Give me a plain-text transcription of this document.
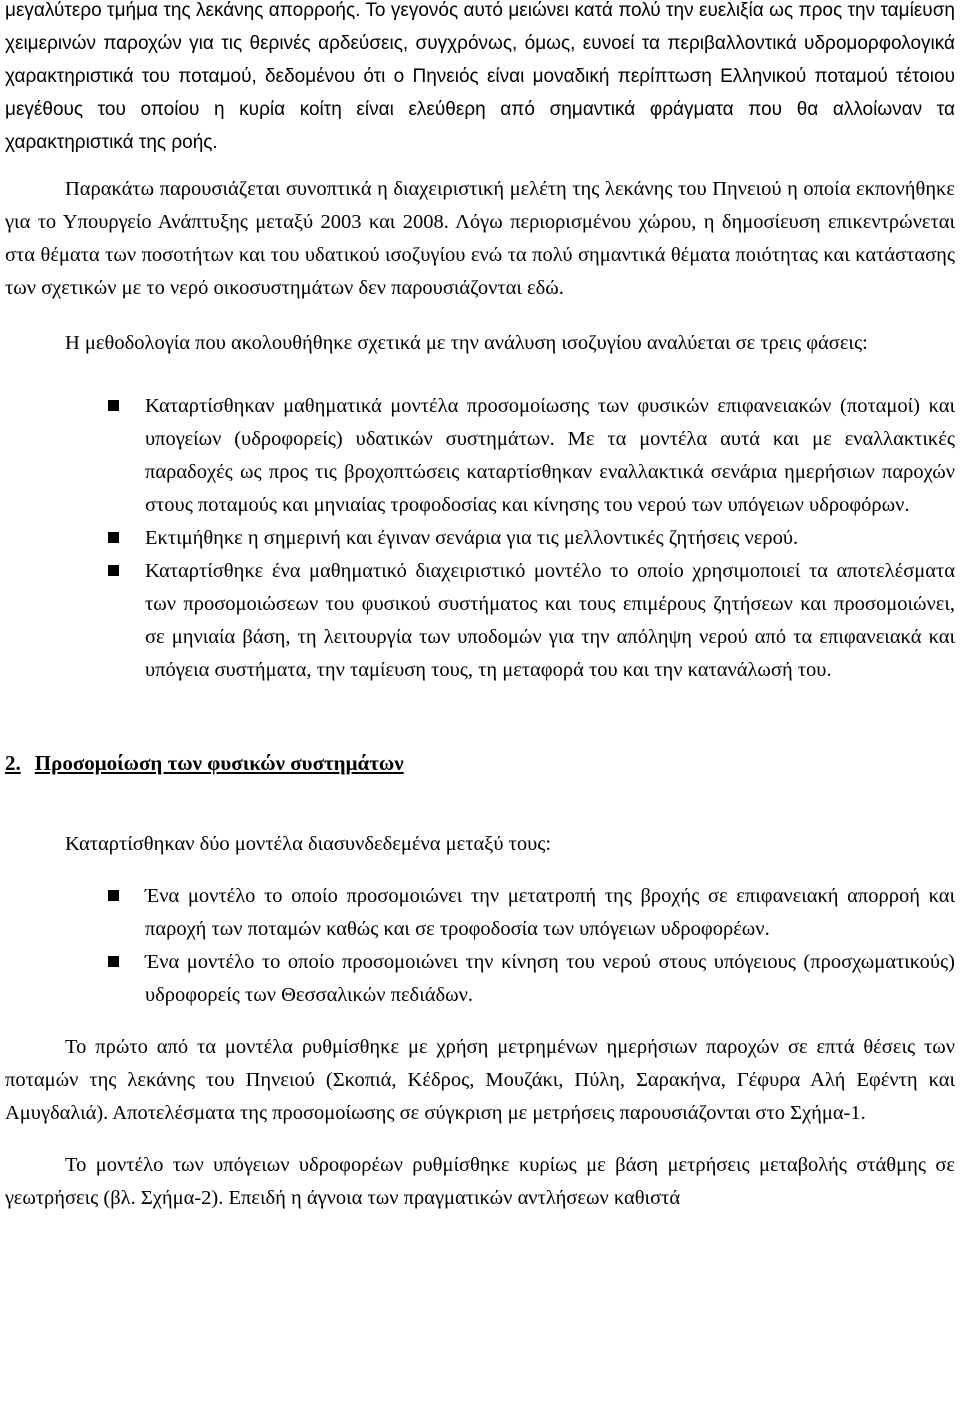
μεγαλύτερο τμήμα της λεκάνης απορροής. Το γεγονός αυτό μειώνει κατά πολύ την ευελιξία ως προς την ταμίευση χειμερινών παροχών για τις θερινές αρδεύσεις, συγχρόνως, όμως, ευνοεί τα περιβαλλοντικά υδρομορφολογικά χαρακτηριστικά του ποταμού, δεδομένου ότι ο Πηνειός είναι μοναδική περίπτωση Ελληνικού ποταμού τέτοιου μεγέθους του οποίου η κυρία κοίτη είναι ελεύθερη από σημαντικά φράγματα που θα αλλοίωναν τα χαρακτηριστικά της ροής.

Παρακάτω παρουσιάζεται συνοπτικά η διαχειριστική μελέτη της λεκάνης του Πηνειού η οποία εκπονήθηκε για το Υπουργείο Ανάπτυξης μεταξύ 2003 και 2008. Λόγω περιορισμένου χώρου, η δημοσίευση επικεντρώνεται στα θέματα των ποσοτήτων και του υδατικού ισοζυγίου ενώ τα πολύ σημαντικά θέματα ποιότητας και κατάστασης των σχετικών με το νερό οικοσυστημάτων δεν παρουσιάζονται εδώ.

Η μεθοδολογία που ακολουθήθηκε σχετικά με την ανάλυση ισοζυγίου αναλύεται σε τρεις φάσεις:

Καταρτίσθηκαν μαθηματικά μοντέλα προσομοίωσης των φυσικών επιφανειακών (ποταμοί) και υπογείων (υδροφορείς) υδατικών συστημάτων. Με τα μοντέλα αυτά και με εναλλακτικές παραδοχές ως προς τις βροχοπτώσεις καταρτίσθηκαν εναλλακτικά σενάρια ημερήσιων παροχών στους ποταμούς και μηνιαίας τροφοδοσίας και κίνησης του νερού των υπόγειων υδροφόρων.
Εκτιμήθηκε η σημερινή και έγιναν σενάρια για τις μελλοντικές ζητήσεις νερού.
Καταρτίσθηκε ένα μαθηματικό διαχειριστικό μοντέλο το οποίο χρησιμοποιεί τα αποτελέσματα των προσομοιώσεων του φυσικού συστήματος και τους επιμέρους ζητήσεων και προσομοιώνει, σε μηνιαία βάση, τη λειτουργία των υποδομών για την απόληψη νερού από τα επιφανειακά και υπόγεια συστήματα, την ταμίευση τους, τη μεταφορά του και την κατανάλωσή του.
2. Προσομοίωση των φυσικών συστημάτων

Καταρτίσθηκαν δύο μοντέλα διασυνδεδεμένα μεταξύ τους:

Ένα μοντέλο το οποίο προσομοιώνει την μετατροπή της βροχής σε επιφανειακή απορροή και παροχή των ποταμών καθώς και σε τροφοδοσία των υπόγειων υδροφορέων.
Ένα μοντέλο το οποίο προσομοιώνει την κίνηση του νερού στους υπόγειους (προσχωματικούς) υδροφορείς των Θεσσαλικών πεδιάδων.

Το πρώτο από τα μοντέλα ρυθμίσθηκε με χρήση μετρημένων ημερήσιων παροχών σε επτά θέσεις των ποταμών της λεκάνης του Πηνειού (Σκοπιά, Κέδρος, Μουζάκι, Πύλη, Σαρακήνα, Γέφυρα Αλή Εφέντη και Αμυγδαλιά). Αποτελέσματα της προσομοίωσης σε σύγκριση με μετρήσεις παρουσιάζονται στο Σχήμα-1.

Το μοντέλο των υπόγειων υδροφορέων ρυθμίσθηκε κυρίως με βάση μετρήσεις μεταβολής στάθμης σε γεωτρήσεις (βλ. Σχήμα-2). Επειδή η άγνοια των πραγματικών αντλήσεων καθιστά
